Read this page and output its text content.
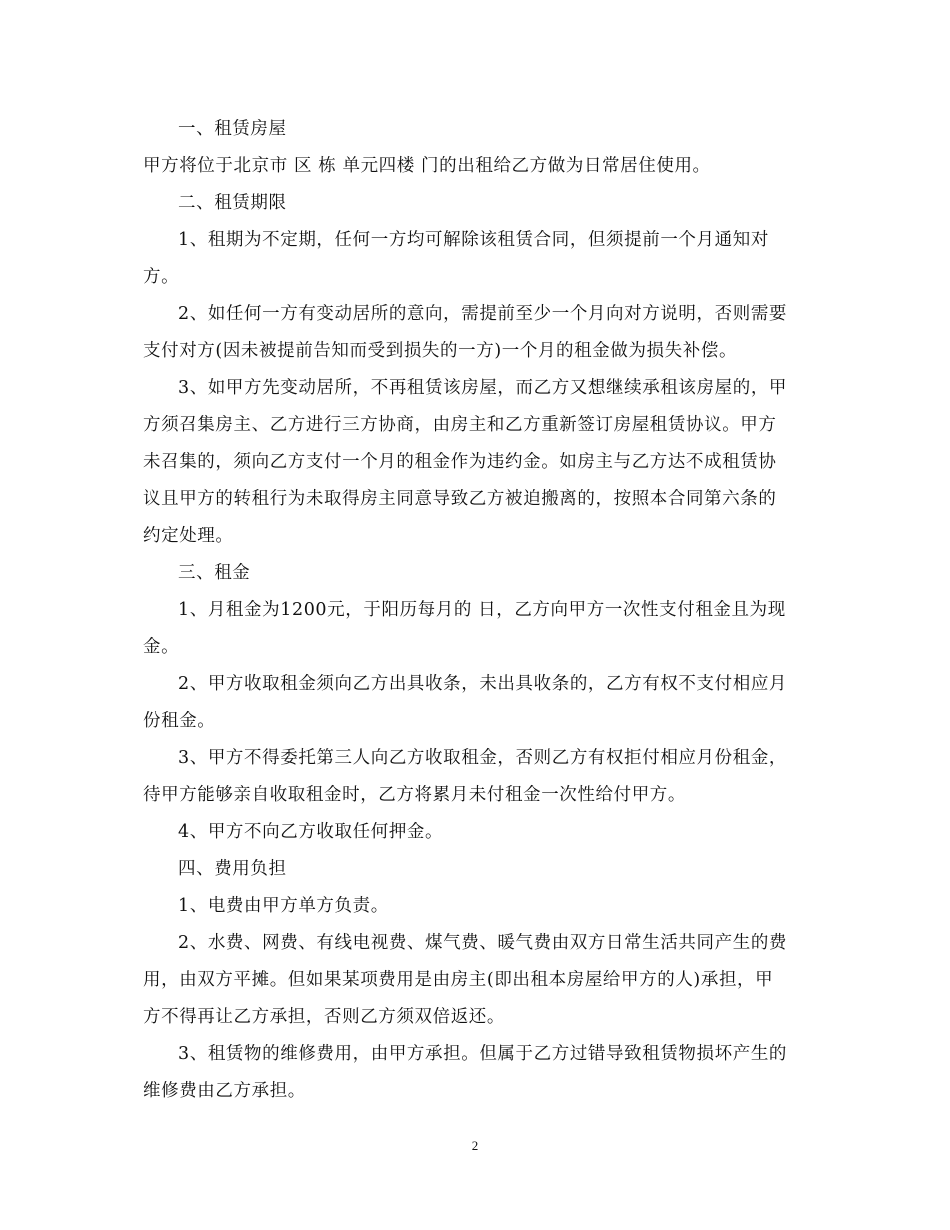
一、租赁房屋

甲方将位于北京市 区 栋 单元四楼 门的出租给乙方做为日常居住使用。

二、租赁期限

1、租期为不定期，任何一方均可解除该租赁合同，但须提前一个月通知对

方。

2、如任何一方有变动居所的意向，需提前至少一个月向对方说明，否则需要

支付对方(因未被提前告知而受到损失的一方)一个月的租金做为损失补偿。

3、如甲方先变动居所，不再租赁该房屋，而乙方又想继续承租该房屋的，甲

方须召集房主、乙方进行三方协商，由房主和乙方重新签订房屋租赁协议。甲方

未召集的，须向乙方支付一个月的租金作为违约金。如房主与乙方达不成租赁协

议且甲方的转租行为未取得房主同意导致乙方被迫搬离的，按照本合同第六条的

约定处理。

三、租金

1、月租金为1200元，于阳历每月的 日，乙方向甲方一次性支付租金且为现

金。

2、甲方收取租金须向乙方出具收条，未出具收条的，乙方有权不支付相应月

份租金。

3、甲方不得委托第三人向乙方收取租金，否则乙方有权拒付相应月份租金，

待甲方能够亲自收取租金时，乙方将累月未付租金一次性给付甲方。

4、甲方不向乙方收取任何押金。

四、费用负担

1、电费由甲方单方负责。

2、水费、网费、有线电视费、煤气费、暖气费由双方日常生活共同产生的费

用，由双方平摊。但如果某项费用是由房主(即出租本房屋给甲方的人)承担，甲

方不得再让乙方承担，否则乙方须双倍返还。

3、租赁物的维修费用，由甲方承担。但属于乙方过错导致租赁物损坏产生的

维修费由乙方承担。

2
